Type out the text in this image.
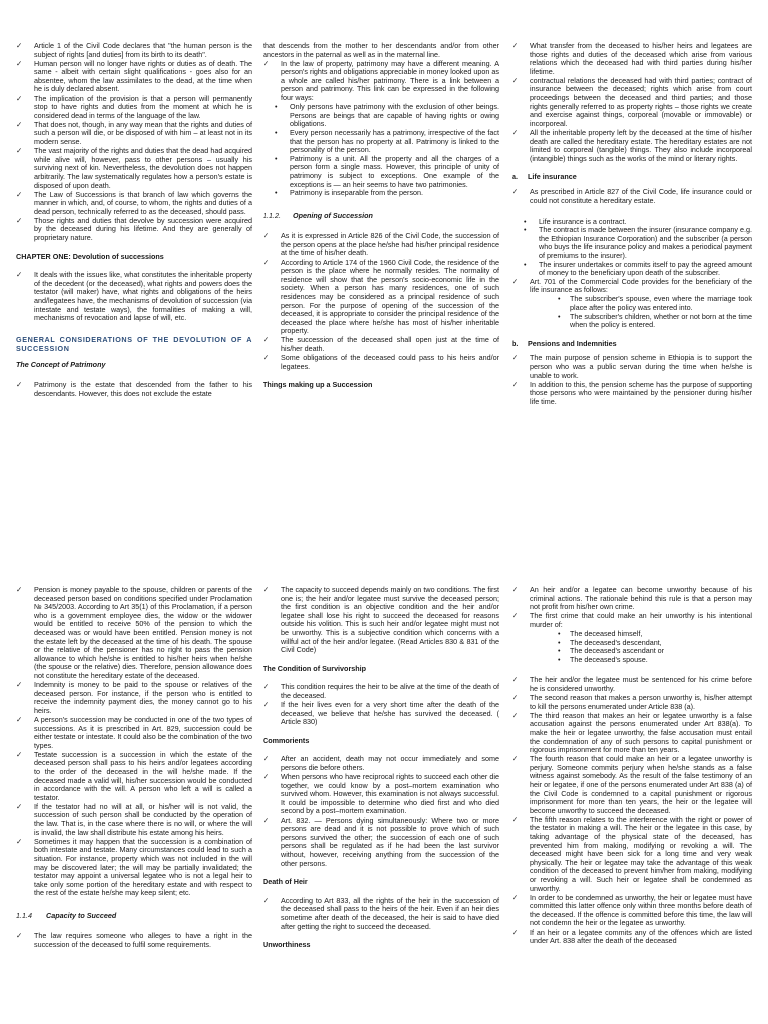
✓ Article 1 of the Civil Code declares that "the human person is the subject of rights [and duties] from its birth to its death".
✓ Human person will no longer have rights or duties as of death. The same - albeit with certain slight qualifications - goes also for an absentee, whom the law assimilates to the dead, at the time when he is duly declared absent.
✓ The implication of the provision is that a person will permanently stop to have rights and duties from the moment at which he is considered dead in terms of the language of the law.
✓ That does not, though, in any way mean that the rights and duties of such a person will die, or be disposed of with him – at least not in its modern sense.
✓ The vast majority of the rights and duties that the dead had acquired while alive will, however, pass to other persons – usually his surviving next of kin. Nevertheless, the devolution does not happen arbitrarily. The law systematically regulates how a person's estate is disposed of upon death.
✓ The Law of Successions is that branch of law which governs the manner in which, and, of course, to whom, the rights and duties of a dead person, technically referred to as the deceased, should pass.
✓ Those rights and duties that devolve by succession were acquired by the deceased during his lifetime. And they are generally of proprietary nature.
CHAPTER ONE: Devolution of successions
✓ It deals with the issues like, what constitutes the inheritable property of the decedent (or the deceased), what rights and powers does the testator (will maker) have, what rights and obligations of the heirs and/legatees have, the mechanisms of devolution of succession (via intestate and testate ways), the formalities of making a will, mechanisms of revocation and lapse of will, etc.
GENERAL CONSIDERATIONS OF THE DEVOLUTION OF A SUCCESSION
The Concept of Patrimony
✓ Patrimony is the estate that descended from the father to his descendants. However, this does not exclude the estate
that descends from the mother to her descendants and/or from other ancestors in the paternal as well as in the maternal line.
✓ In the law of property, patrimony may have a different meaning. A person's rights and obligations appreciable in money looked upon as a whole are called his/her patrimony. There is a link between a person and patrimony. This link can be expressed in the following four ways:
• Only persons have patrimony with the exclusion of other beings. Persons are beings that are capable of having rights or owing obligations.
• Every person necessarily has a patrimony, irrespective of the fact that the person has no property at all. Patrimony is linked to the personality of the person.
• Patrimony is a unit. All the property and all the charges of a person form a single mass. However, this principle of unity of patrimony is subject to exceptions. One example of the exceptions is — an heir seems to have two patrimonies.
• Patrimony is inseparable from the person.
1.1.2. Opening of Succession
✓ As it is expressed in Article 826 of the Civil Code, the succession of the person opens at the place he/she had his/her principal residence at the time of his/her death.
✓ According to Article 174 of the 1960 Civil Code, the residence of the person is the place where he normally resides. The normality of residence will show that the person's socio-economic life in the society. When a person has many residences, one of such residences may be considered as a principal residence of such person. For the purpose of opening of the succession of the deceased, it is appropriate to consider the principal residence of the deceased the place where he/she has most of his/her inheritable property.
✓ The succession of the deceased shall open just at the time of his/her death.
✓ Some obligations of the deceased could pass to his heirs and/or legatees.
Things making up a Succession
✓ What transfer from the deceased to his/her heirs and legatees are those rights and duties of the deceased which arise from various relations which the deceased had with third parties during his/her lifetime.
✓ contractual relations the deceased had with third parties; contract of insurance between the deceased; rights which arise from court proceedings between the deceased and third parties; and those rights generally referred to as property rights – those rights we create and exercise against things, corporeal (movable or immovable) or incorporeal.
✓ All the inheritable property left by the deceased at the time of his/her death are called the hereditary estate. The hereditary estates are not limited to corporeal (tangible) things. They also include incorporeal (intangible) things such as the works of the mind or literary rights.
a. Life insurance
✓ As prescribed in Article 827 of the Civil Code, life insurance could or could not constitute a hereditary estate.
• Life insurance is a contract.
• The contract is made between the insurer (insurance company e.g. the Ethiopian Insurance Corporation) and the subscriber (a person who buys the life insurance policy and makes a periodical payment of premiums to the insurer).
• The insurer undertakes or commits itself to pay the agreed amount of money to the beneficiary upon death of the subscriber.
✓ Art. 701 of the Commercial Code provides for the beneficiary of the life insurance as follows:
• The subscriber's spouse, even where the marriage took place after the policy was entered into.
• The subscriber's children, whether or not born at the time when the policy is entered.
b. Pensions and Indemnities
✓ The main purpose of pension scheme in Ethiopia is to support the person who was a public servan during the time when he/she is unable to work.
✓ In addition to this, the pension scheme has the purpose of supporting those persons who were maintained by the pensioner during his/her life time.
✓ Pension is money payable to the spouse, children or parents of the deceased person based on conditions specified under Proclamation № 345/2003. According to Art 35(1) of this Proclamation, if a person who is a government employee dies, the widow or the widower would be entitled to receive 50% of the pension to which the deceased was or would have been entitled. Pension money is not the estate left by the deceased at the time of his death. The spouse or the relative of the pensioner has no right to pass the pension allowance to which he/she is entitled to his/her heirs when he/she (the spouse or the relative) dies. Therefore, pension allowance does not constitute the hereditary estate of the deceased.
✓ Indemnity is money to be paid to the spouse or relatives of the deceased person. For instance, if the person who is entitled to receive the indemnity payment dies, the money cannot go to his heirs.
✓ A person's succession may be conducted in one of the two types of successions. As it is prescribed in Art. 829, succession could be either testate or intestate. It could also be the combination of the two types.
✓ Testate succession is a succession in which the estate of the deceased person shall pass to his heirs and/or legatees according to the order of the deceased in the will he/she made. If the deceased made a valid will, his/her succession would be conducted in accordance with the will. A person who left a will is called a testator.
✓ If the testator had no will at all, or his/her will is not valid, the succession of such person shall be conducted by the operation of the law. That is, in the case where there is no will, or where the will is invalid, the law shall distribute his estate among his heirs.
✓ Sometimes it may happen that the succession is a combination of both intestate and testate. Many circumstances could lead to such a situation. For instance, property which was not included in the will may be discovered later; the will may be partially invalidated; the testator may appoint a universal legatee who is not a legal heir to take only some portion of the hereditary estate and with respect to the rest of the estate he/she may keep silent; etc.
1.1.4 Capacity to Succeed
✓ The law requires someone who alleges to have a right in the succession of the deceased to fulfil some requirements.
✓ The capacity to succeed depends mainly on two conditions. The first one is; the heir and/or legatee must survive the deceased person; the first condition is an objective condition and the heir and/or legatee shall lose his right to succeed the deceased for reasons outside his volition. This is such heir and/or legatee might must not be unworthy. This is a subjective condition which concerns with a willful act of the heir and/or legatee. (Read Articles 830 & 831 of the Civil Code)
The Condition of Survivorship
✓ This condition requires the heir to be alive at the time of the death of the deceased.
✓ If the heir lives even for a very short time after the death of the deceased, we believe that he/she has survived the deceased. ( Article 830)
Commorients
✓ After an accident, death may not occur immediately and some persons die before others.
✓ When persons who have reciprocal rights to succeed each other die together, we could know by a post–mortem examination who survived whom. However, this examination is not always successful. It could be impossible to determine who died first and who died second by a post–mortem examination.
✓ Art. 832. — Persons dying simultaneously: Where two or more persons are dead and it is not possible to prove which of such persons survived the other; the succession of each one of such persons shall be regulated as if he had been the last survivor without, however, receiving anything from the succession of the other persons.
Death of Heir
✓ According to Art 833, all the rights of the heir in the succession of the deceased shall pass to the heirs of the heir. Even if an heir dies sometime after death of the deceased, the heir is said to have died after getting the right to succeed the deceased.
Unworthiness
✓ An heir and/or a legatee can become unworthy because of his criminal actions. The rationale behind this rule is that a person may not profit from his/her own crime.
✓ The first crime that could make an heir unworthy is his intentional murder of:
• The deceased himself,
• The deceased's descendant,
• The deceased's ascendant or
• The deceased's spouse.
✓ The heir and/or the legatee must be sentenced for his crime before he is considered unworthy.
✓ The second reason that makes a person unworthy is, his/her attempt to kill the persons enumerated under Article 838 (a).
✓ The third reason that makes an heir or legatee unworthy is a false accusation against the persons enumerated under Art 838(a). To make the heir or legatee unworthy, the false accusation must entail the condemnation of any of such persons to capital punishment or rigorous imprisonment for more than ten years.
✓ The fourth reason that could make an heir or a legatee unworthy is perjury. Someone commits perjury when he/she stands as a false witness against somebody. As the result of the false testimony of an heir or legatee, if one of the persons enumerated under Art 838 (a) of the Civil Code is condemned to a capital punishment or rigorous imprisonment for more than ten years, the heir or the legatee will become unworthy to succeed the deceased.
✓ The fifth reason relates to the interference with the right or power of the testator in making a will. The heir or the legatee in this case, by taking advantage of the physical state of the deceased, has prevented him from making, modifying or revoking a will. The deceased might have been sick for a long time and very weak physically. The heir or legatee may take the advantage of this weak condition of the deceased to prevent him/her from making, modifying or revoking a will. Such heir or legatee shall be condemned as unworthy.
✓ In order to be condemned as unworthy, the heir or legatee must have committed this latter offence only within three months before death of the deceased. If the offence is committed before this time, the law will not condemn the heir or the legatee as unworthy.
✓ If an heir or a legatee commits any of the offences which are listed under Art. 838 after the death of the deceased
